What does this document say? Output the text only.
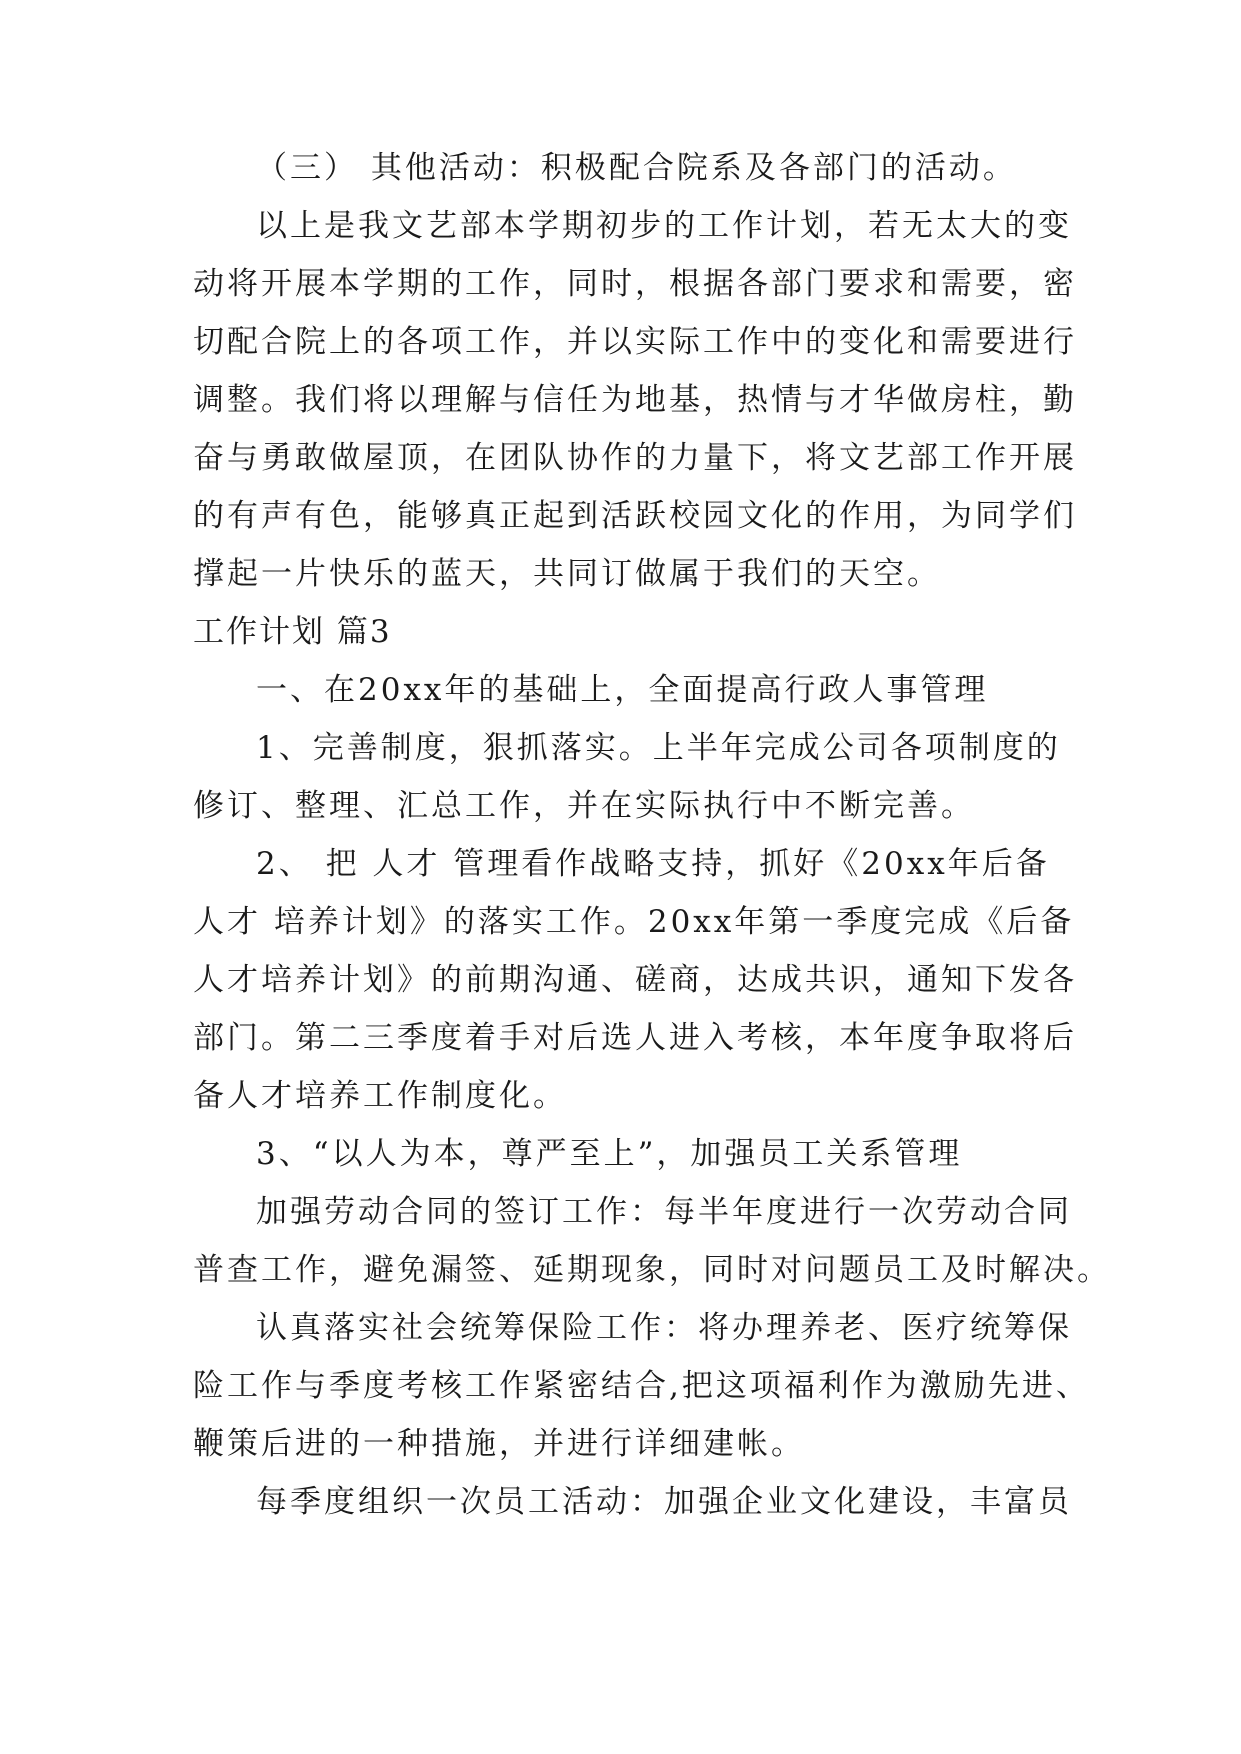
（三） 其他活动：积极配合院系及各部门的活动。
以上是我文艺部本学期初步的工作计划，若无太大的变
动将开展本学期的工作，同时，根据各部门要求和需要，密
切配合院上的各项工作，并以实际工作中的变化和需要进行
调整。我们将以理解与信任为地基，热情与才华做房柱，勤
奋与勇敢做屋顶，在团队协作的力量下，将文艺部工作开展
的有声有色，能够真正起到活跃校园文化的作用，为同学们
撑起一片快乐的蓝天，共同订做属于我们的天空。
工作计划 篇3
一、在20xx年的基础上，全面提高行政人事管理
1、完善制度，狠抓落实。上半年完成公司各项制度的
修订、整理、汇总工作，并在实际执行中不断完善。
2、 把 人才 管理看作战略支持，抓好《20xx年后备
人才 培养计划》的落实工作。20xx年第一季度完成《后备
人才培养计划》的前期沟通、磋商，达成共识，通知下发各
部门。第二三季度着手对后选人进入考核，本年度争取将后
备人才培养工作制度化。
3、“以人为本，尊严至上”，加强员工关系管理
加强劳动合同的签订工作：每半年度进行一次劳动合同
普查工作，避免漏签、延期现象，同时对问题员工及时解决。
认真落实社会统筹保险工作：将办理养老、医疗统筹保
险工作与季度考核工作紧密结合,把这项福利作为激励先进、
鞭策后进的一种措施，并进行详细建帐。
每季度组织一次员工活动：加强企业文化建设，丰富员
